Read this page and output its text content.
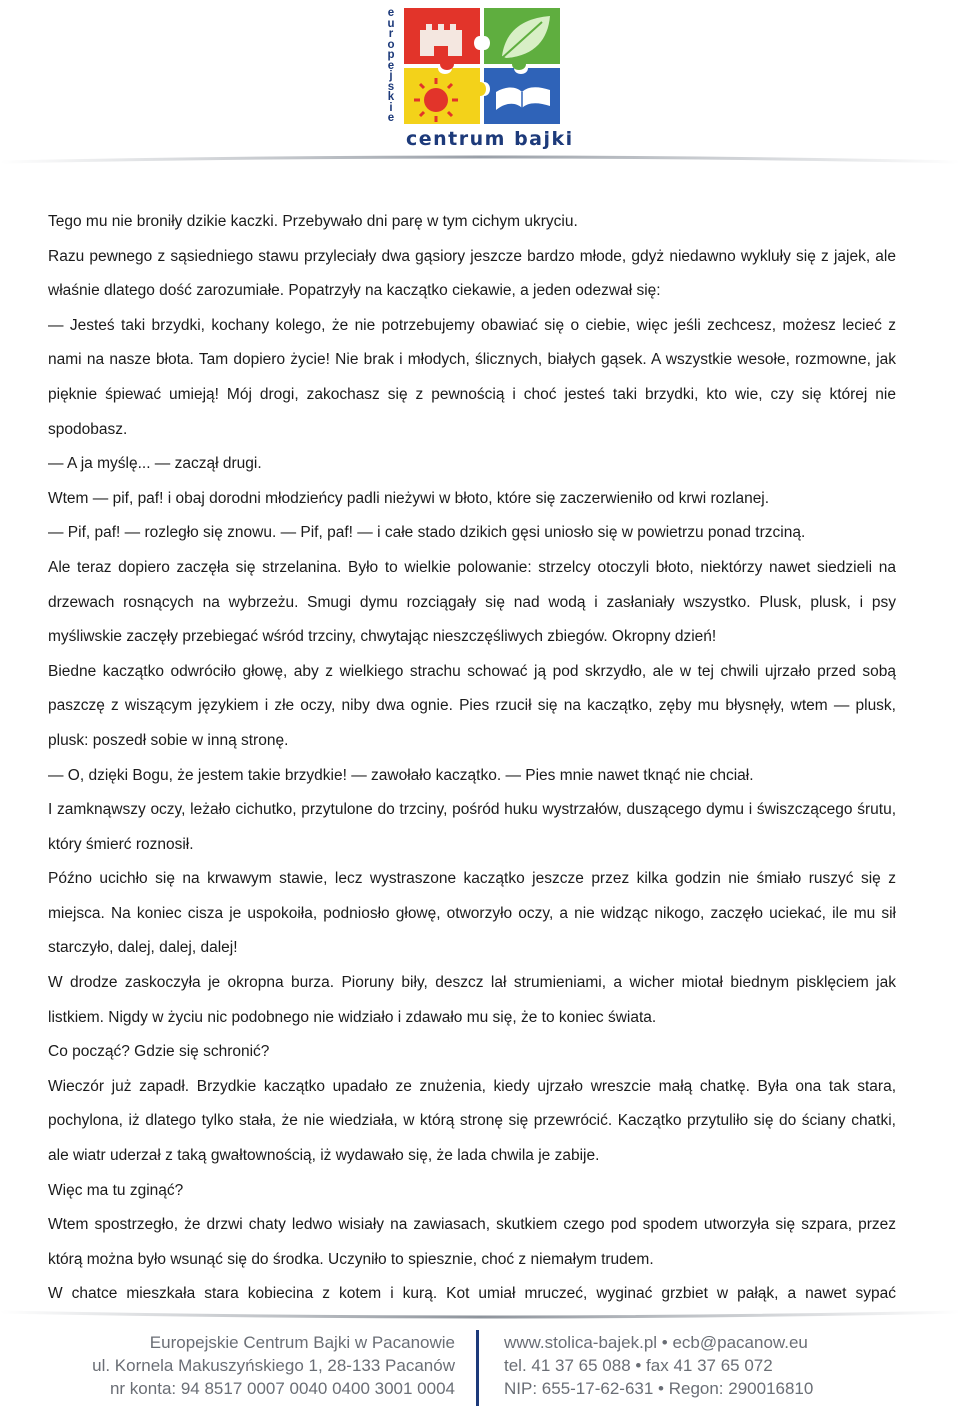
e
u
r
o
p
e
j
s
k
i
e
centrum bajki

Tego mu nie broniły dzikie kaczki. Przebywało dni parę w tym cichym ukryciu.

Razu pewnego z sąsiedniego stawu przyleciały dwa gąsiory jeszcze bardzo młode, gdyż niedawno wykluły się z jajek, ale właśnie dlatego dość zarozumiałe. Popatrzyły na kaczątko ciekawie, a jeden odezwał się:

— Jesteś taki brzydki, kochany kolego, że nie potrzebujemy obawiać się o ciebie, więc jeśli zechcesz, możesz lecieć z nami na nasze błota. Tam dopiero życie! Nie brak i młodych, ślicznych, białych gąsek. A wszystkie wesołe, rozmowne, jak pięknie śpiewać umieją! Mój drogi, zakochasz się z pewnością i choć jesteś taki brzydki, kto wie, czy się której nie spodobasz.

— A ja myślę... — zaczął drugi.

Wtem — pif, paf! i obaj dorodni młodzieńcy padli nieżywi w błoto, które się zaczerwieniło od krwi rozlanej.

— Pif, paf! — rozległo się znowu. — Pif, paf! — i całe stado dzikich gęsi uniosło się w powietrzu ponad trzciną.

Ale teraz dopiero zaczęła się strzelanina. Było to wielkie polowanie: strzelcy otoczyli błoto, niektórzy nawet siedzieli na drzewach rosnących na wybrzeżu. Smugi dymu rozciągały się nad wodą i zasłaniały wszystko. Plusk, plusk, i psy myśliwskie zaczęły przebiegać wśród trzciny, chwytając nieszczęśliwych zbiegów. Okropny dzień!

Biedne kaczątko odwróciło głowę, aby z wielkiego strachu schować ją pod skrzydło, ale w tej chwili ujrzało przed sobą paszczę z wiszącym językiem i złe oczy, niby dwa ognie. Pies rzucił się na kaczątko, zęby mu błysnęły, wtem — plusk, plusk: poszedł sobie w inną stronę.

— O, dzięki Bogu, że jestem takie brzydkie! — zawołało kaczątko. — Pies mnie nawet tknąć nie chciał.

I zamknąwszy oczy, leżało cichutko, przytulone do trzciny, pośród huku wystrzałów, duszącego dymu i świszczącego śrutu, który śmierć roznosił.

Późno ucichło się na krwawym stawie, lecz wystraszone kaczątko jeszcze przez kilka godzin nie śmiało ruszyć się z miejsca. Na koniec cisza je uspokoiła, podniosło głowę, otworzyło oczy, a nie widząc nikogo, zaczęło uciekać, ile mu sił starczyło, dalej, dalej, dalej!

W drodze zaskoczyła je okropna burza. Pioruny biły, deszcz lał strumieniami, a wicher miotał biednym pisklęciem jak listkiem. Nigdy w życiu nic podobnego nie widziało i zdawało mu się, że to koniec świata.

Co począć? Gdzie się schronić?

Wieczór już zapadł. Brzydkie kaczątko upadało ze znużenia, kiedy ujrzało wreszcie małą chatkę. Była ona tak stara, pochylona, iż dlatego tylko stała, że nie wiedziała, w którą stronę się przewrócić. Kaczątko przytuliło się do ściany chatki, ale wiatr uderzał z taką gwałtownością, iż wydawało się, że lada chwila je zabije.

Więc ma tu zginąć?

Wtem spostrzegło, że drzwi chaty ledwo wisiały na zawiasach, skutkiem czego pod spodem utworzyła się szpara, przez którą można było wsunąć się do środka. Uczyniło to spiesznie, choć z niemałym trudem.

W chatce mieszkała stara kobiecina z kotem i kurą. Kot umiał mruczeć, wyginać grzbiet w pałąk, a nawet sypać

Europejskie Centrum Bajki w Pacanowie
ul. Kornela Makuszyńskiego 1, 28-133 Pacanów
nr konta: 94 8517 0007 0040 0400 3001 0004
www.stolica-bajek.pl • ecb@pacanow.eu
tel. 41 37 65 088 • fax 41 37 65 072
NIP: 655-17-62-631 • Regon: 290016810
